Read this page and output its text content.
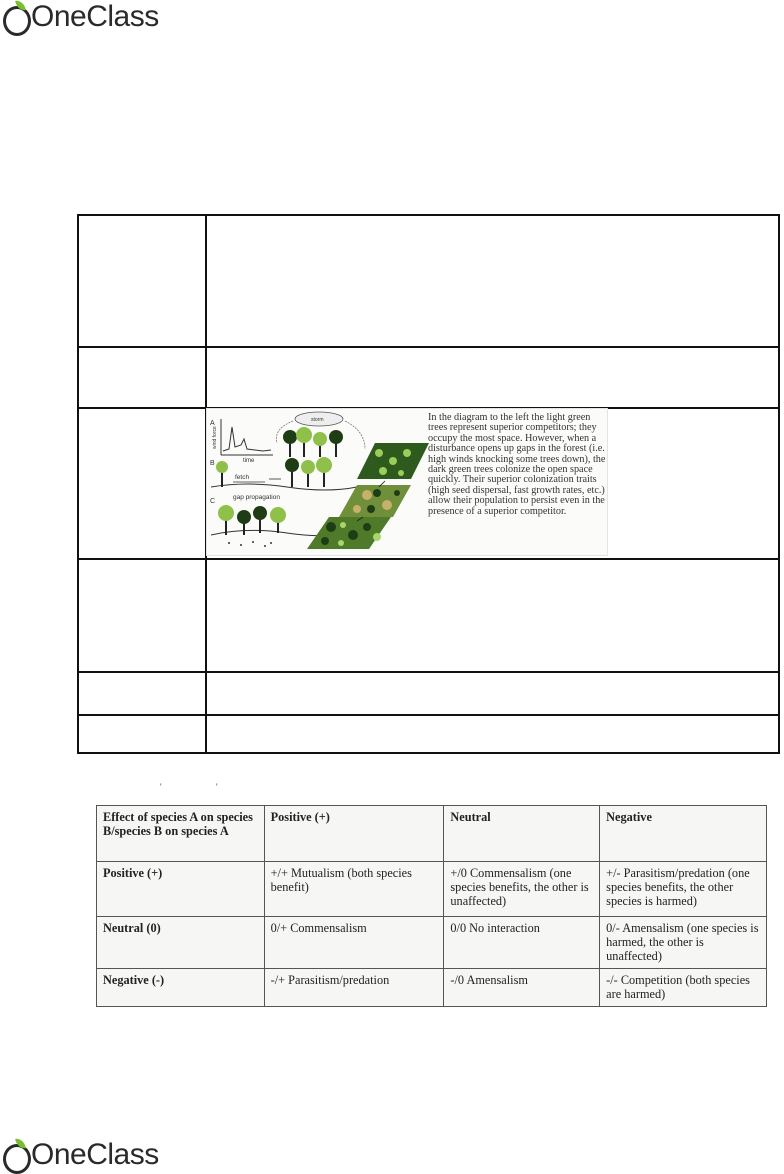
OneClass
A
wind force
time
storm
B
fetch
gap propagation
C
In the diagram to the left the light green trees represent superior competitors; they occupy the most space. However, when a disturbance opens up gaps in the forest (i.e. high winds knocking some trees down), the dark green trees colonize the open space quickly. Their superior colonization traits (high seed dispersal, fast growth rates, etc.) allow their population to persist even in the presence of a superior competitor.
'	'
Effect of species A on species B/species B on species A	Positive (+)	Neutral	Negative
Positive (+)	+/+ Mutualism (both species benefit)	+/0 Commensalism (one species benefits, the other is unaffected)	+/- Parasitism/predation (one species benefits, the other species is harmed)
Neutral (0)	0/+ Commensalism	0/0 No interaction	0/- Amensalism (one species is harmed, the other is unaffected)
Negative (-)	-/+ Parasitism/predation	-/0 Amensalism	-/- Competition (both species are harmed)
OneClass
